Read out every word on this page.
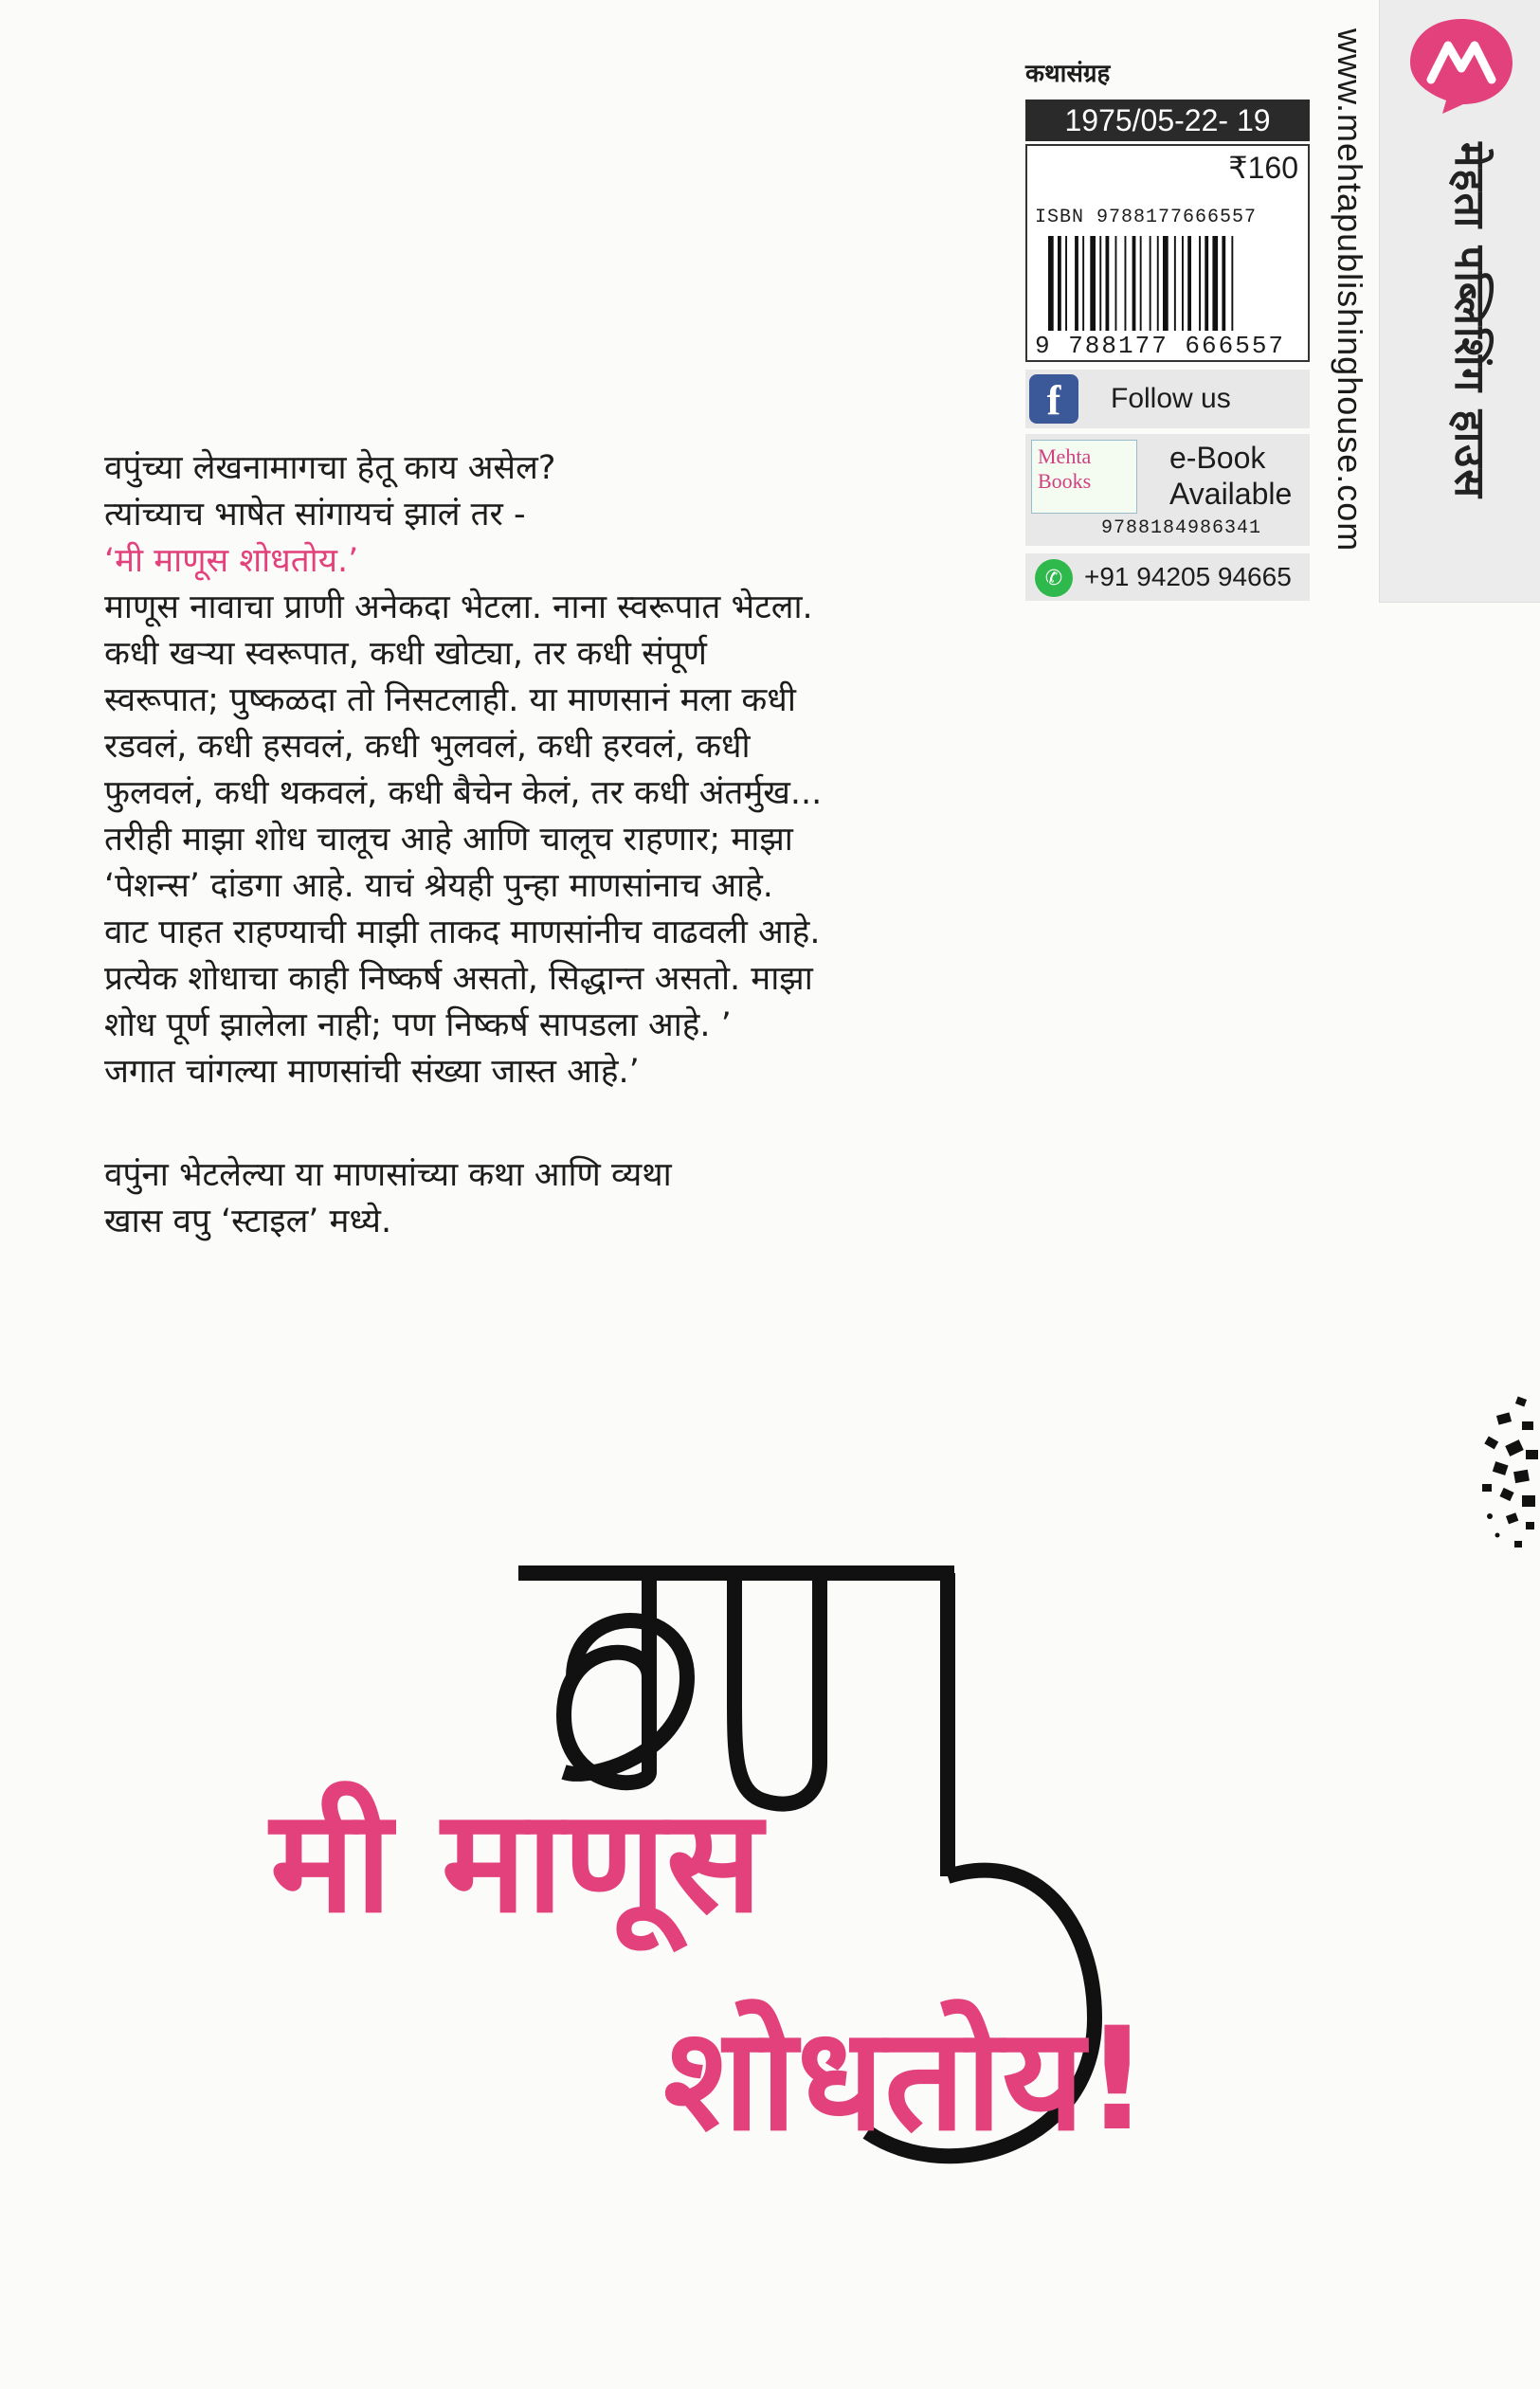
मेहता पब्लिशिंग हाउस
www.mehtapublishinghouse.com
कथासंग्रह
1975/05-22- 19
₹160
ISBN 9788177666557
9 788177 666557
f	Follow us
Mehta Books
e-Book
Available
9788184986341
✆ +91 94205 94665
वपुंच्या लेखनामागचा हेतू काय असेल?
त्यांच्याच भाषेत सांगायचं झालं तर -
‘मी माणूस शोधतोय.’
माणूस नावाचा प्राणी अनेकदा भेटला. नाना स्वरूपात भेटला.
कधी खऱ्या स्वरूपात, कधी खोट्या, तर कधी संपूर्ण
स्वरूपात; पुष्कळदा तो निसटलाही. या माणसानं मला कधी
रडवलं, कधी हसवलं, कधी भुलवलं, कधी हरवलं, कधी
फुलवलं, कधी थकवलं, कधी बैचेन केलं, तर कधी अंतर्मुख...
तरीही माझा शोध चालूच आहे आणि चालूच राहणार; माझा
‘पेशन्स’ दांडगा आहे. याचं श्रेयही पुन्हा माणसांनाच आहे.
वाट पाहत राहण्याची माझी ताकद माणसांनीच वाढवली आहे.
प्रत्येक शोधाचा काही निष्कर्ष असतो, सिद्धान्त असतो. माझा
शोध पूर्ण झालेला नाही; पण निष्कर्ष सापडला आहे. ’
जगात चांगल्या माणसांची संख्या जास्त आहे.’
वपुंना भेटलेल्या या माणसांच्या कथा आणि व्यथा
खास वपु ‘स्टाइल’ मध्ये.
मी माणूस
शोधतोय!
